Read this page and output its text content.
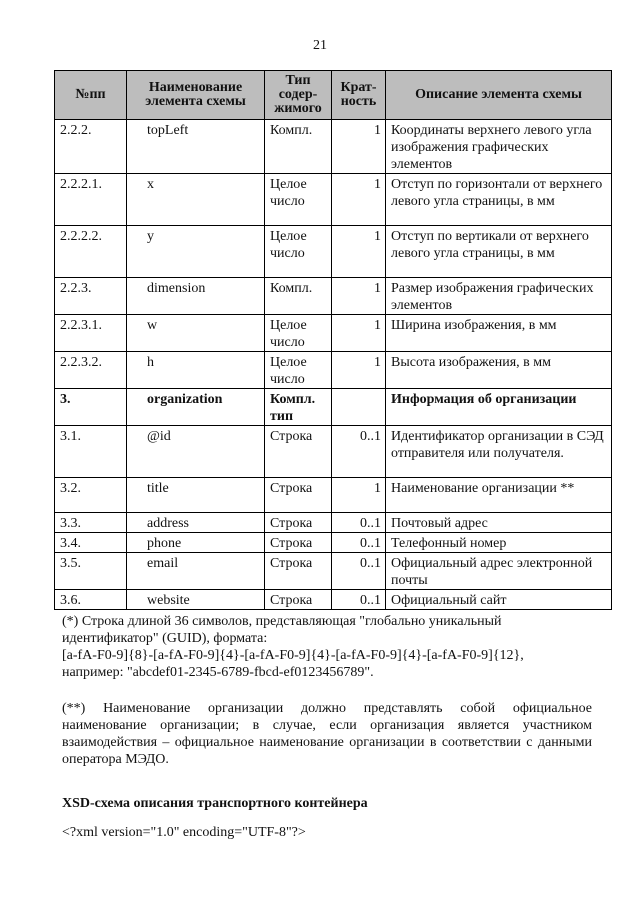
21
№пп	Наименование элемента схемы	Тип содер-жимого	Крат-ность	Описание элемента схемы
2.2.2.	topLeft	Компл.	1	Координаты верхнего левого угла изображения графических элементов
2.2.2.1.	x	Целое число	1	Отступ по горизонтали от верхнего левого угла страницы, в мм
2.2.2.2.	y	Целое число	1	Отступ по вертикали от верхнего левого угла страницы, в мм
2.2.3.	dimension	Компл.	1	Размер изображения графических элементов
2.2.3.1.	w	Целое число	1	Ширина изображения, в мм
2.2.3.2.	h	Целое число	1	Высота изображения, в мм
3.	organization	Компл. тип		Информация об организации
3.1.	@id	Строка	0..1	Идентификатор организации в СЭД отправителя или получателя.
3.2.	title	Строка	1	Наименование организации **
3.3.	address	Строка	0..1	Почтовый адрес
3.4.	phone	Строка	0..1	Телефонный номер
3.5.	email	Строка	0..1	Официальный адрес электронной почты
3.6.	website	Строка	0..1	Официальный сайт
(*) Строка длиной 36 символов, представляющая "глобально уникальный
идентификатор" (GUID), формата:
[a-fA-F0-9]{8}-[a-fA-F0-9]{4}-[a-fA-F0-9]{4}-[a-fA-F0-9]{4}-[a-fA-F0-9]{12},
например: "abcdef01-2345-6789-fbcd-ef0123456789".
(**) Наименование организации должно представлять собой официальное наименование организации; в случае, если организация является участником взаимодействия – официальное наименование организации в соответствии с данными оператора МЭДО.
XSD-схема описания транспортного контейнера
<?xml version="1.0" encoding="UTF-8"?>
